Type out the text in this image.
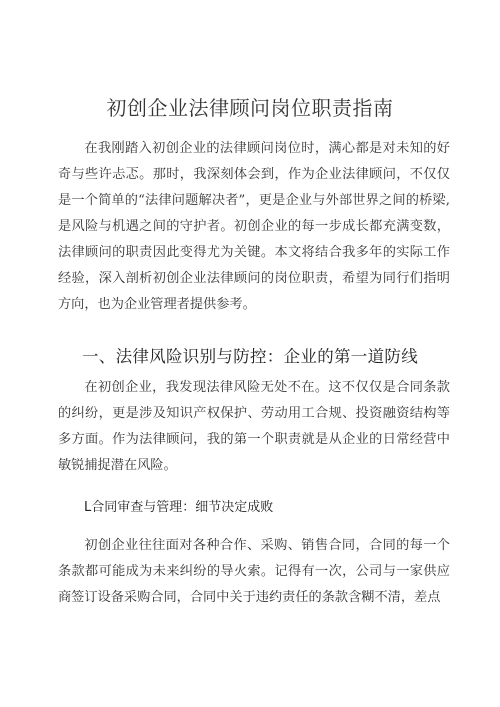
初创企业法律顾问岗位职责指南

在我刚踏入初创企业的法律顾问岗位时，满心都是对未知的好奇与些许忐忑。那时，我深刻体会到，作为企业法律顾问，不仅仅是一个简单的“法律问题解决者”，更是企业与外部世界之间的桥梁,是风险与机遇之间的守护者。初创企业的每一步成长都充满变数，法律顾问的职责因此变得尤为关键。本文将结合我多年的实际工作经验，深入剖析初创企业法律顾问的岗位职责，希望为同行们指明方向，也为企业管理者提供参考。

一、法律风险识别与防控：企业的第一道防线

在初创企业，我发现法律风险无处不在。这不仅仅是合同条款的纠纷，更是涉及知识产权保护、劳动用工合规、投资融资结构等多方面。作为法律顾问，我的第一个职责就是从企业的日常经营中敏锐捕捉潜在风险。

L合同审查与管理：细节决定成败

初创企业往往面对各种合作、采购、销售合同，合同的每一个条款都可能成为未来纠纷的导火索。记得有一次，公司与一家供应商签订设备采购合同，合同中关于违约责任的条款含糊不清，差点
